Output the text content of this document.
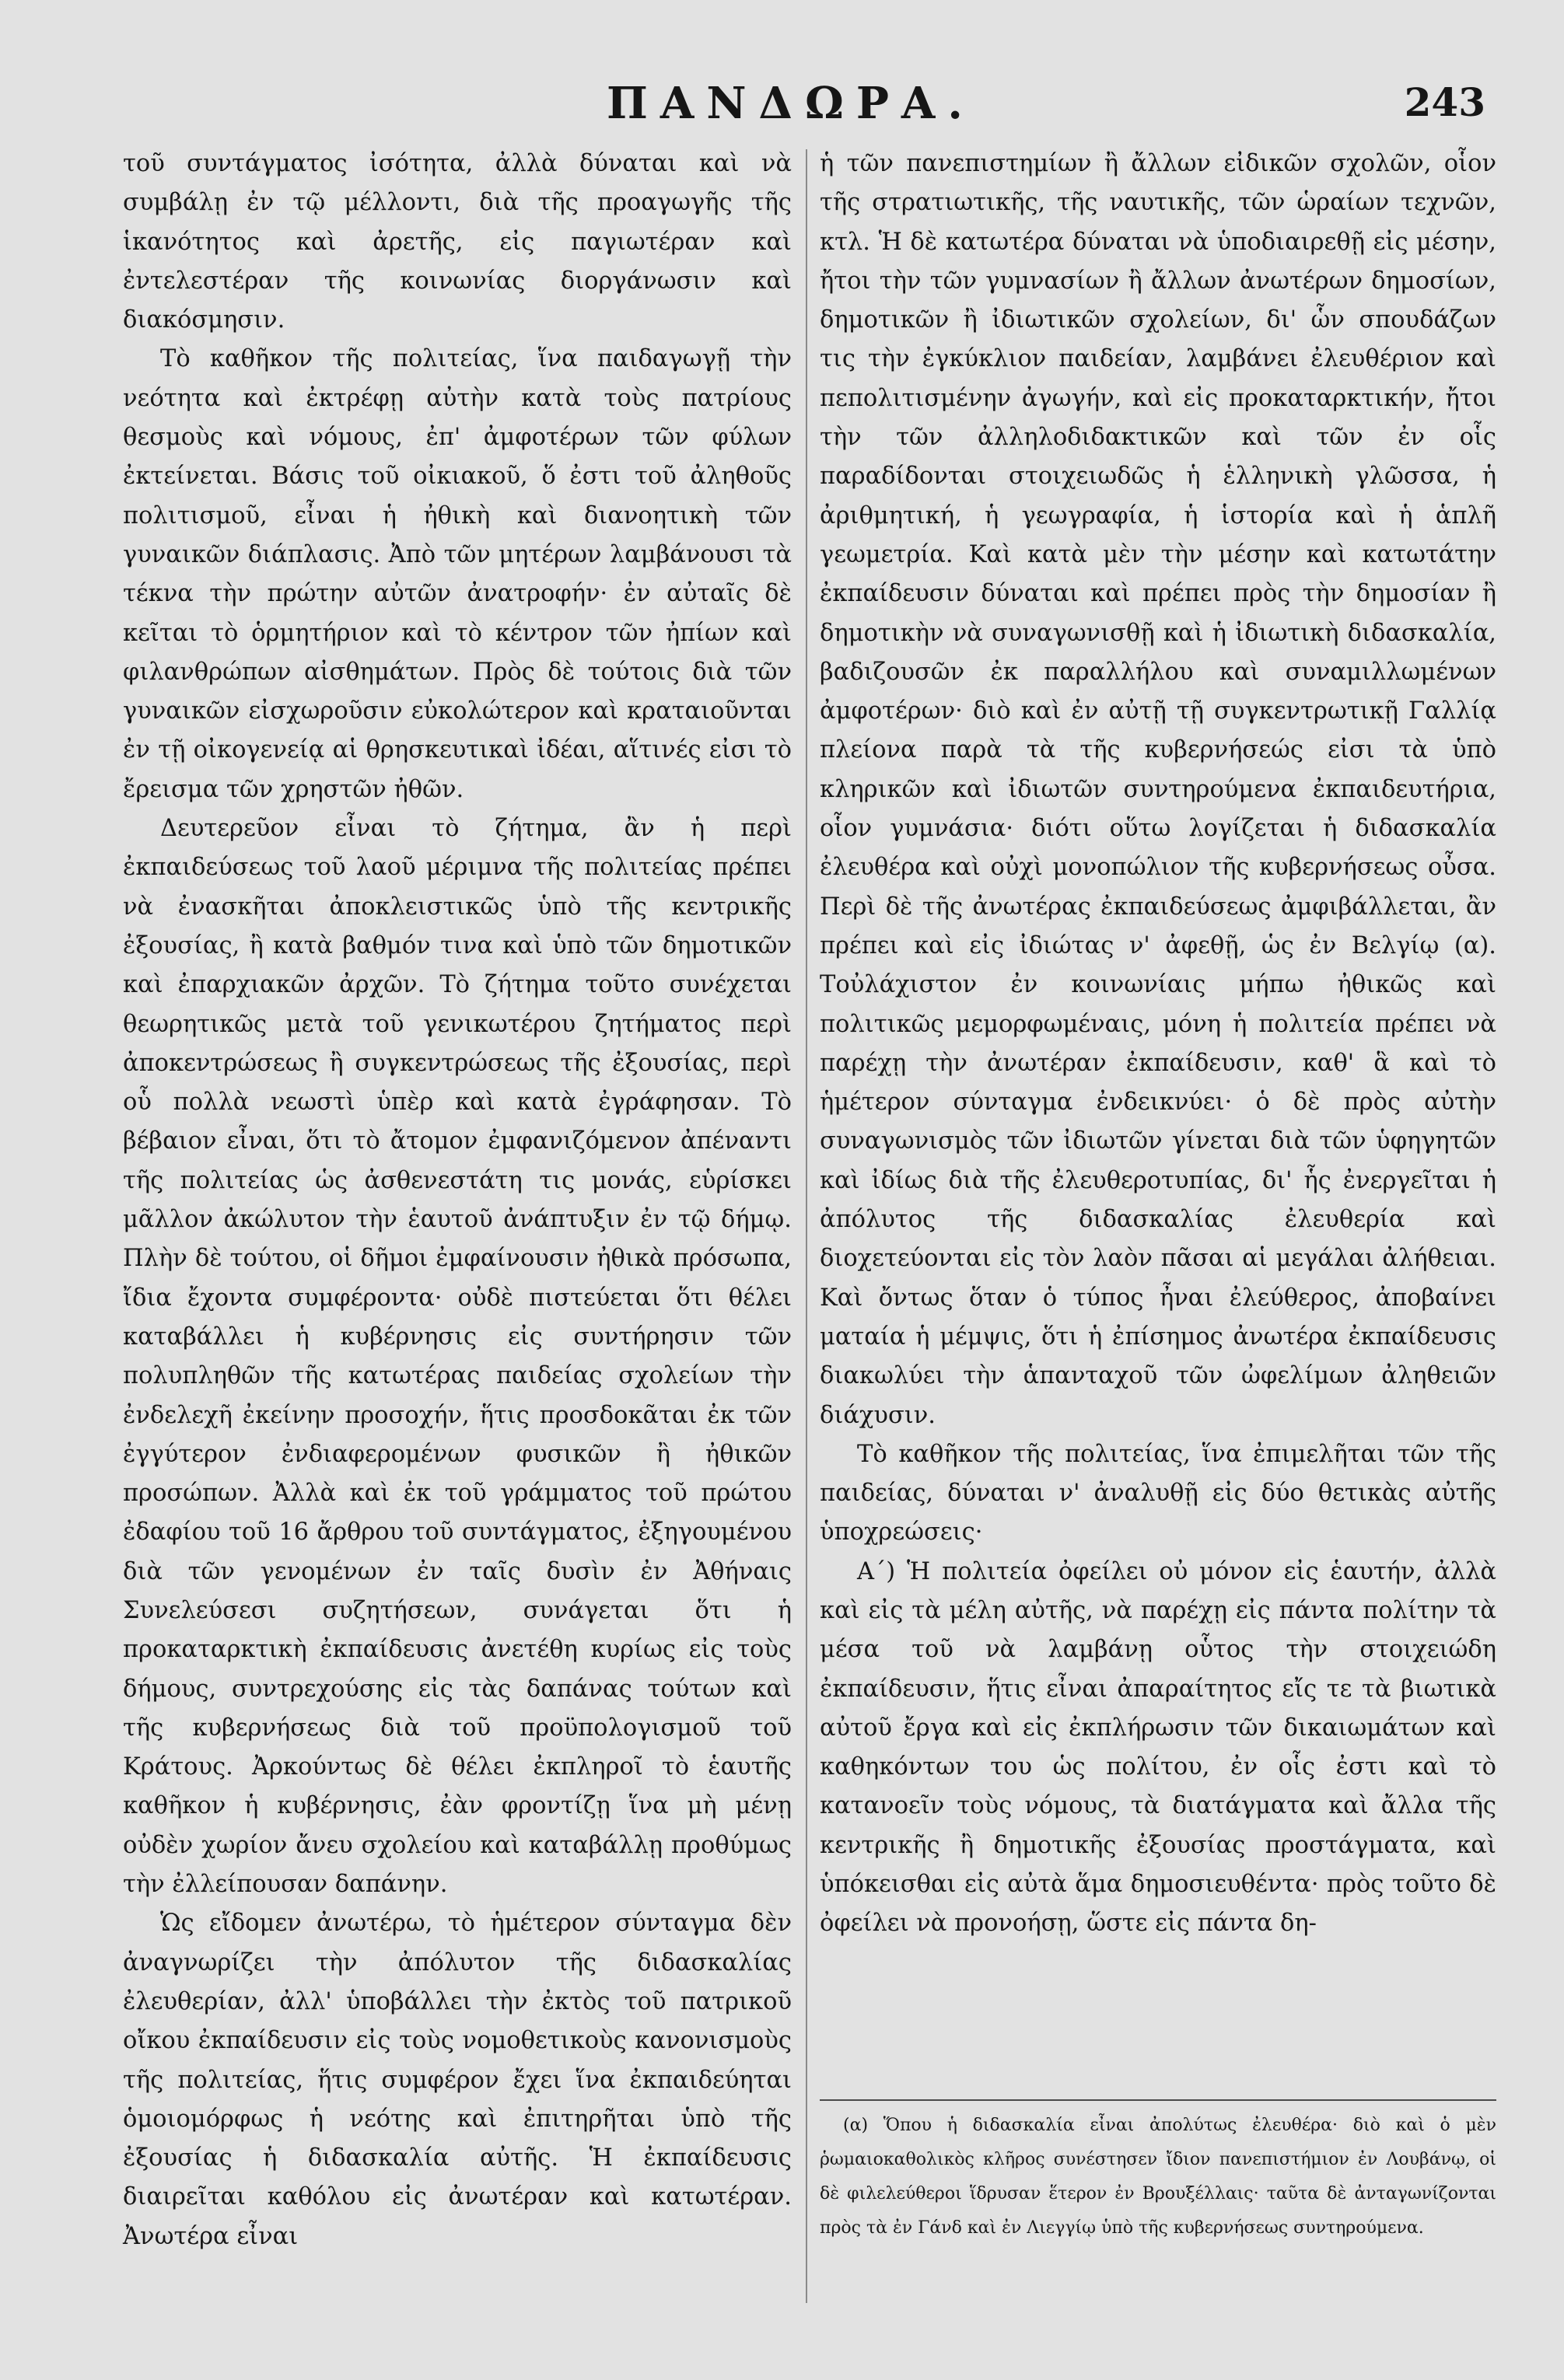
ΠΑΝΔΩΡΑ.	243

τοῦ συντάγματος ἰσότητα, ἀλλὰ δύναται καὶ νὰ συμβάλῃ ἐν τῷ μέλλοντι, διὰ τῆς προαγωγῆς τῆς ἱκανότητος καὶ ἀρετῆς, εἰς παγιωτέραν καὶ ἐντελεστέραν τῆς κοινωνίας διοργάνωσιν καὶ διακόσμησιν.

Τὸ καθῆκον τῆς πολιτείας, ἵνα παιδαγωγῇ τὴν νεότητα καὶ ἐκτρέφῃ αὐτὴν κατὰ τοὺς πατρίους θεσμοὺς καὶ νόμους, ἐπ' ἀμφοτέρων τῶν φύλων ἐκτείνεται. Βάσις τοῦ οἰκιακοῦ, ὅ ἐστι τοῦ ἀληθοῦς πολιτισμοῦ, εἶναι ἡ ἠθικὴ καὶ διανοητικὴ τῶν γυναικῶν διάπλασις. Ἀπὸ τῶν μητέρων λαμβάνουσι τὰ τέκνα τὴν πρώτην αὐτῶν ἀνατροφήν· ἐν αὐταῖς δὲ κεῖται τὸ ὁρμητήριον καὶ τὸ κέντρον τῶν ἠπίων καὶ φιλανθρώπων αἰσθημάτων. Πρὸς δὲ τούτοις διὰ τῶν γυναικῶν εἰσχωροῦσιν εὐκολώτερον καὶ κραταιοῦνται ἐν τῇ οἰκογενείᾳ αἱ θρησκευτικαὶ ἰδέαι, αἵτινές εἰσι τὸ ἔρεισμα τῶν χρηστῶν ἠθῶν.

Δευτερεῦον εἶναι τὸ ζήτημα, ἂν ἡ περὶ ἐκπαιδεύσεως τοῦ λαοῦ μέριμνα τῆς πολιτείας πρέπει νὰ ἐνασκῆται ἀποκλειστικῶς ὑπὸ τῆς κεντρικῆς ἐξουσίας, ἢ κατὰ βαθμόν τινα καὶ ὑπὸ τῶν δημοτικῶν καὶ ἐπαρχιακῶν ἀρχῶν. Τὸ ζήτημα τοῦτο συνέχεται θεωρητικῶς μετὰ τοῦ γενικωτέρου ζητήματος περὶ ἀποκεντρώσεως ἢ συγκεντρώσεως τῆς ἐξουσίας, περὶ οὗ πολλὰ νεωστὶ ὑπὲρ καὶ κατὰ ἐγράφησαν. Τὸ βέβαιον εἶναι, ὅτι τὸ ἄτομον ἐμφανιζόμενον ἀπέναντι τῆς πολιτείας ὡς ἀσθενεστάτη τις μονάς, εὑρίσκει μᾶλλον ἀκώλυτον τὴν ἑαυτοῦ ἀνάπτυξιν ἐν τῷ δήμῳ. Πλὴν δὲ τούτου, οἱ δῆμοι ἐμφαίνουσιν ἠθικὰ πρόσωπα, ἴδια ἔχοντα συμφέροντα· οὐδὲ πιστεύεται ὅτι θέλει καταβάλλει ἡ κυβέρνησις εἰς συντήρησιν τῶν πολυπληθῶν τῆς κατωτέρας παιδείας σχολείων τὴν ἐνδελεχῆ ἐκείνην προσοχήν, ἥτις προσδοκᾶται ἐκ τῶν ἐγγύτερον ἐνδιαφερομένων φυσικῶν ἢ ἠθικῶν προσώπων. Ἀλλὰ καὶ ἐκ τοῦ γράμματος τοῦ πρώτου ἐδαφίου τοῦ 16 ἄρθρου τοῦ συντάγματος, ἐξηγουμένου διὰ τῶν γενομένων ἐν ταῖς δυσὶν ἐν Ἀθήναις Συνελεύσεσι συζητήσεων, συνάγεται ὅτι ἡ προκαταρκτικὴ ἐκπαίδευσις ἀνετέθη κυρίως εἰς τοὺς δήμους, συντρεχούσης εἰς τὰς δαπάνας τούτων καὶ τῆς κυβερνήσεως διὰ τοῦ προϋπολογισμοῦ τοῦ Κράτους. Ἀρκούντως δὲ θέλει ἐκπληροῖ τὸ ἑαυτῆς καθῆκον ἡ κυβέρνησις, ἐὰν φροντίζῃ ἵνα μὴ μένῃ οὐδὲν χωρίον ἄνευ σχολείου καὶ καταβάλλῃ προθύμως τὴν ἐλλείπουσαν δαπάνην.

Ὡς εἴδομεν ἀνωτέρω, τὸ ἡμέτερον σύνταγμα δὲν ἀναγνωρίζει τὴν ἀπόλυτον τῆς διδασκαλίας ἐλευθερίαν, ἀλλ' ὑποβάλλει τὴν ἐκτὸς τοῦ πατρικοῦ οἴκου ἐκπαίδευσιν εἰς τοὺς νομοθετικοὺς κανονισμοὺς τῆς πολιτείας, ἥτις συμφέρον ἔχει ἵνα ἐκπαιδεύηται ὁμοιομόρφως ἡ νεότης καὶ ἐπιτηρῆται ὑπὸ τῆς ἐξουσίας ἡ διδασκαλία αὐτῆς. Ἡ ἐκπαίδευσις διαιρεῖται καθόλου εἰς ἀνωτέραν καὶ κατωτέραν. Ἀνωτέρα εἶναι

ἡ τῶν πανεπιστημίων ἢ ἄλλων εἰδικῶν σχολῶν, οἷον τῆς στρατιωτικῆς, τῆς ναυτικῆς, τῶν ὡραίων τεχνῶν, κτλ. Ἡ δὲ κατωτέρα δύναται νὰ ὑποδιαιρεθῇ εἰς μέσην, ἤτοι τὴν τῶν γυμνασίων ἢ ἄλλων ἀνωτέρων δημοσίων, δημοτικῶν ἢ ἰδιωτικῶν σχολείων, δι' ὧν σπουδάζων τις τὴν ἐγκύκλιον παιδείαν, λαμβάνει ἐλευθέριον καὶ πεπολιτισμένην ἀγωγήν, καὶ εἰς προκαταρκτικήν, ἤτοι τὴν τῶν ἀλληλοδιδακτικῶν καὶ τῶν ἐν οἷς παραδίδονται στοιχειωδῶς ἡ ἑλληνικὴ γλῶσσα, ἡ ἀριθμητική, ἡ γεωγραφία, ἡ ἱστορία καὶ ἡ ἁπλῆ γεωμετρία. Καὶ κατὰ μὲν τὴν μέσην καὶ κατωτάτην ἐκπαίδευσιν δύναται καὶ πρέπει πρὸς τὴν δημοσίαν ἢ δημοτικὴν νὰ συναγωνισθῇ καὶ ἡ ἰδιωτικὴ διδασκαλία, βαδιζουσῶν ἐκ παραλλήλου καὶ συναμιλλωμένων ἀμφοτέρων· διὸ καὶ ἐν αὐτῇ τῇ συγκεντρωτικῇ Γαλλίᾳ πλείονα παρὰ τὰ τῆς κυβερνήσεώς εἰσι τὰ ὑπὸ κληρικῶν καὶ ἰδιωτῶν συντηρούμενα ἐκπαιδευτήρια, οἷον γυμνάσια· διότι οὕτω λογίζεται ἡ διδασκαλία ἐλευθέρα καὶ οὐχὶ μονοπώλιον τῆς κυβερνήσεως οὖσα. Περὶ δὲ τῆς ἀνωτέρας ἐκπαιδεύσεως ἀμφιβάλλεται, ἂν πρέπει καὶ εἰς ἰδιώτας ν' ἀφεθῇ, ὡς ἐν Βελγίῳ (α). Τοὐλάχιστον ἐν κοινωνίαις μήπω ἠθικῶς καὶ πολιτικῶς μεμορφωμέναις, μόνη ἡ πολιτεία πρέπει νὰ παρέχῃ τὴν ἀνωτέραν ἐκπαίδευσιν, καθ' ἃ καὶ τὸ ἡμέτερον σύνταγμα ἐνδεικνύει· ὁ δὲ πρὸς αὐτὴν συναγωνισμὸς τῶν ἰδιωτῶν γίνεται διὰ τῶν ὑφηγητῶν καὶ ἰδίως διὰ τῆς ἐλευθεροτυπίας, δι' ἧς ἐνεργεῖται ἡ ἀπόλυτος τῆς διδασκαλίας ἐλευθερία καὶ διοχετεύονται εἰς τὸν λαὸν πᾶσαι αἱ μεγάλαι ἀλήθειαι. Καὶ ὄντως ὅταν ὁ τύπος ἦναι ἐλεύθερος, ἀποβαίνει ματαία ἡ μέμψις, ὅτι ἡ ἐπίσημος ἀνωτέρα ἐκπαίδευσις διακωλύει τὴν ἁπανταχοῦ τῶν ὠφελίμων ἀληθειῶν διάχυσιν.

Τὸ καθῆκον τῆς πολιτείας, ἵνα ἐπιμελῆται τῶν τῆς παιδείας, δύναται ν' ἀναλυθῇ εἰς δύο θετικὰς αὐτῆς ὑποχρεώσεις·

Α´) Ἡ πολιτεία ὀφείλει οὐ μόνον εἰς ἑαυτήν, ἀλλὰ καὶ εἰς τὰ μέλη αὐτῆς, νὰ παρέχῃ εἰς πάντα πολίτην τὰ μέσα τοῦ νὰ λαμβάνῃ οὗτος τὴν στοιχειώδη ἐκπαίδευσιν, ἥτις εἶναι ἀπαραίτητος εἴς τε τὰ βιωτικὰ αὐτοῦ ἔργα καὶ εἰς ἐκπλήρωσιν τῶν δικαιωμάτων καὶ καθηκόντων του ὡς πολίτου, ἐν οἷς ἐστι καὶ τὸ κατανοεῖν τοὺς νόμους, τὰ διατάγματα καὶ ἄλλα τῆς κεντρικῆς ἢ δημοτικῆς ἐξουσίας προστάγματα, καὶ ὑπόκεισθαι εἰς αὐτὰ ἅμα δημοσιευθέντα· πρὸς τοῦτο δὲ ὀφείλει νὰ προνοήσῃ, ὥστε εἰς πάντα δη-

(α) Ὅπου ἡ διδασκαλία εἶναι ἀπολύτως ἐλευθέρα· διὸ καὶ ὁ μὲν ῥωμαιοκαθολικὸς κλῆρος συνέστησεν ἴδιον πανεπιστήμιον ἐν Λουβάνῳ, οἱ δὲ φιλελεύθεροι ἵδρυσαν ἕτερον ἐν Βρουξέλλαις· ταῦτα δὲ ἀνταγωνίζονται πρὸς τὰ ἐν Γάνδ καὶ ἐν Λιεγγίῳ ὑπὸ τῆς κυβερνήσεως συντηρούμενα.
